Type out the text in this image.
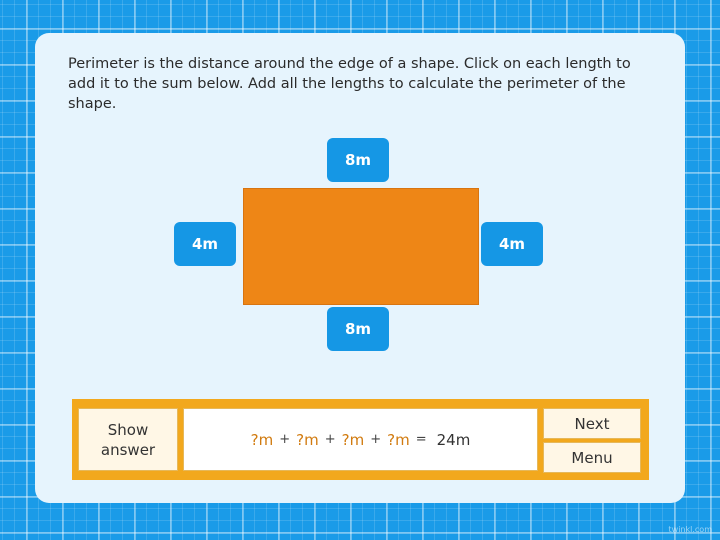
Perimeter is the distance around the edge of a shape. Click on each length to add it to the sum below. Add all the lengths to calculate the perimeter of the shape.

8m
4m	4m
8m
Show answer
?m + ?m + ?m + ?m = 24m
Next
Menu
twinkl.com
